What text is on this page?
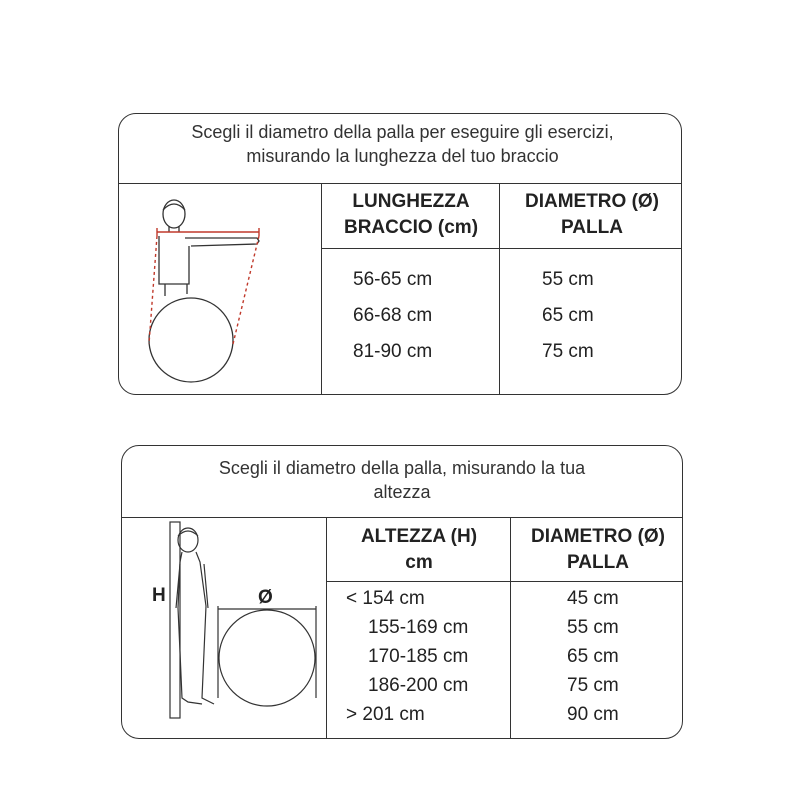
Scegli il diametro della palla per eseguire gli esercizi, misurando la lunghezza del tuo braccio
LUNGHEZZA
BRACCIO (cm)
DIAMETRO (Ø)
PALLA
56-65 cm
66-68 cm
81-90 cm
55 cm
65 cm
75 cm
Scegli il diametro della palla, misurando la tua
altezza
ALTEZZA (H)
cm
DIAMETRO (Ø)
PALLA
< 154 cm
155-169 cm
170-185 cm
186-200 cm
> 201 cm
45 cm
55 cm
65 cm
75 cm
90 cm
H	Ø
